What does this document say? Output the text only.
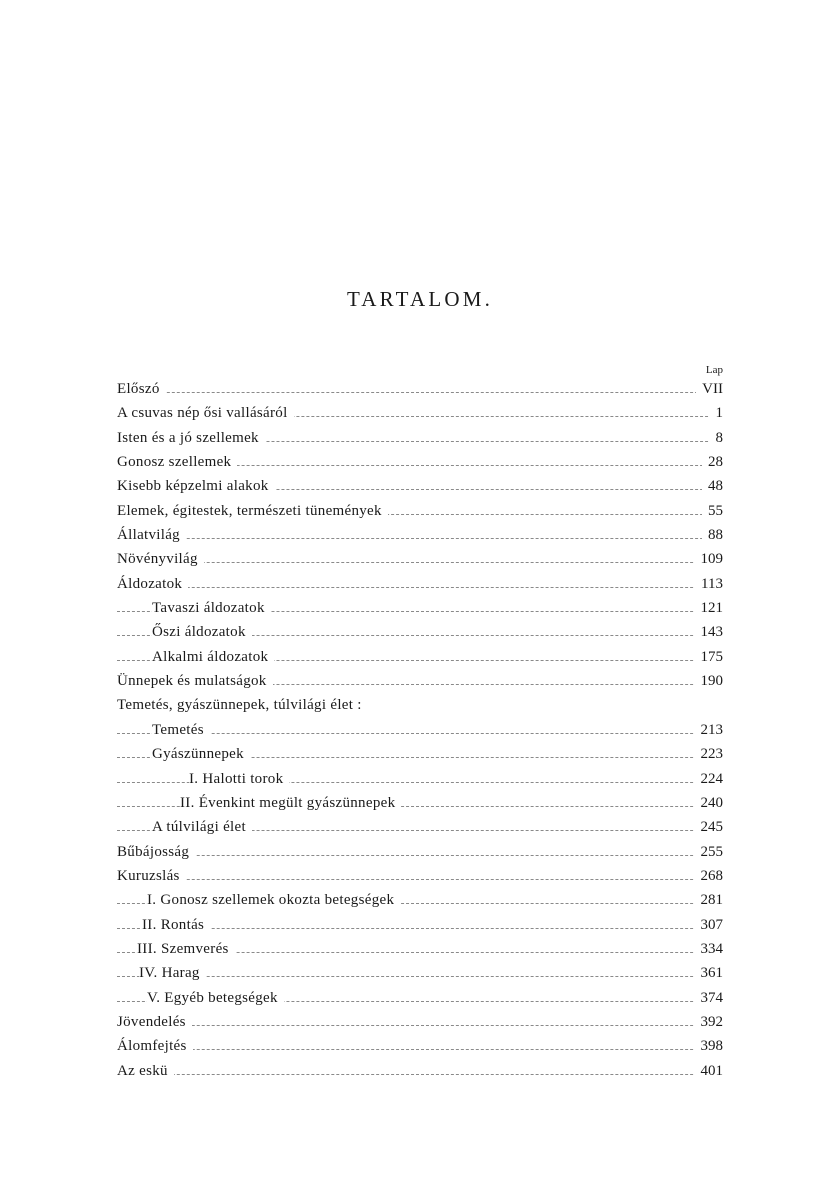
TARTALOM.
Lap
Előszó	VII
A csuvas nép ősi vallásáról	1
Isten és a jó szellemek	8
Gonosz szellemek	28
Kisebb képzelmi alakok	48
Elemek, égitestek, természeti tünemények	55
Állatvilág	88
Növényvilág	109
Áldozatok	113
Tavaszi áldozatok	121
Őszi áldozatok	143
Alkalmi áldozatok	175
Ünnepek és mulatságok	190
Temetés, gyászünnepek, túlvilági élet :
Temetés	213
Gyászünnepek	223
I. Halotti torok	224
II. Évenkint megült gyászünnepek	240
A túlvilági élet	245
Bűbájosság	255
Kuruzslás	268
I. Gonosz szellemek okozta betegségek	281
II. Rontás	307
III. Szemverés	334
IV. Harag	361
V. Egyéb betegségek	374
Jövendelés	392
Álomfejtés	398
Az eskü	401
